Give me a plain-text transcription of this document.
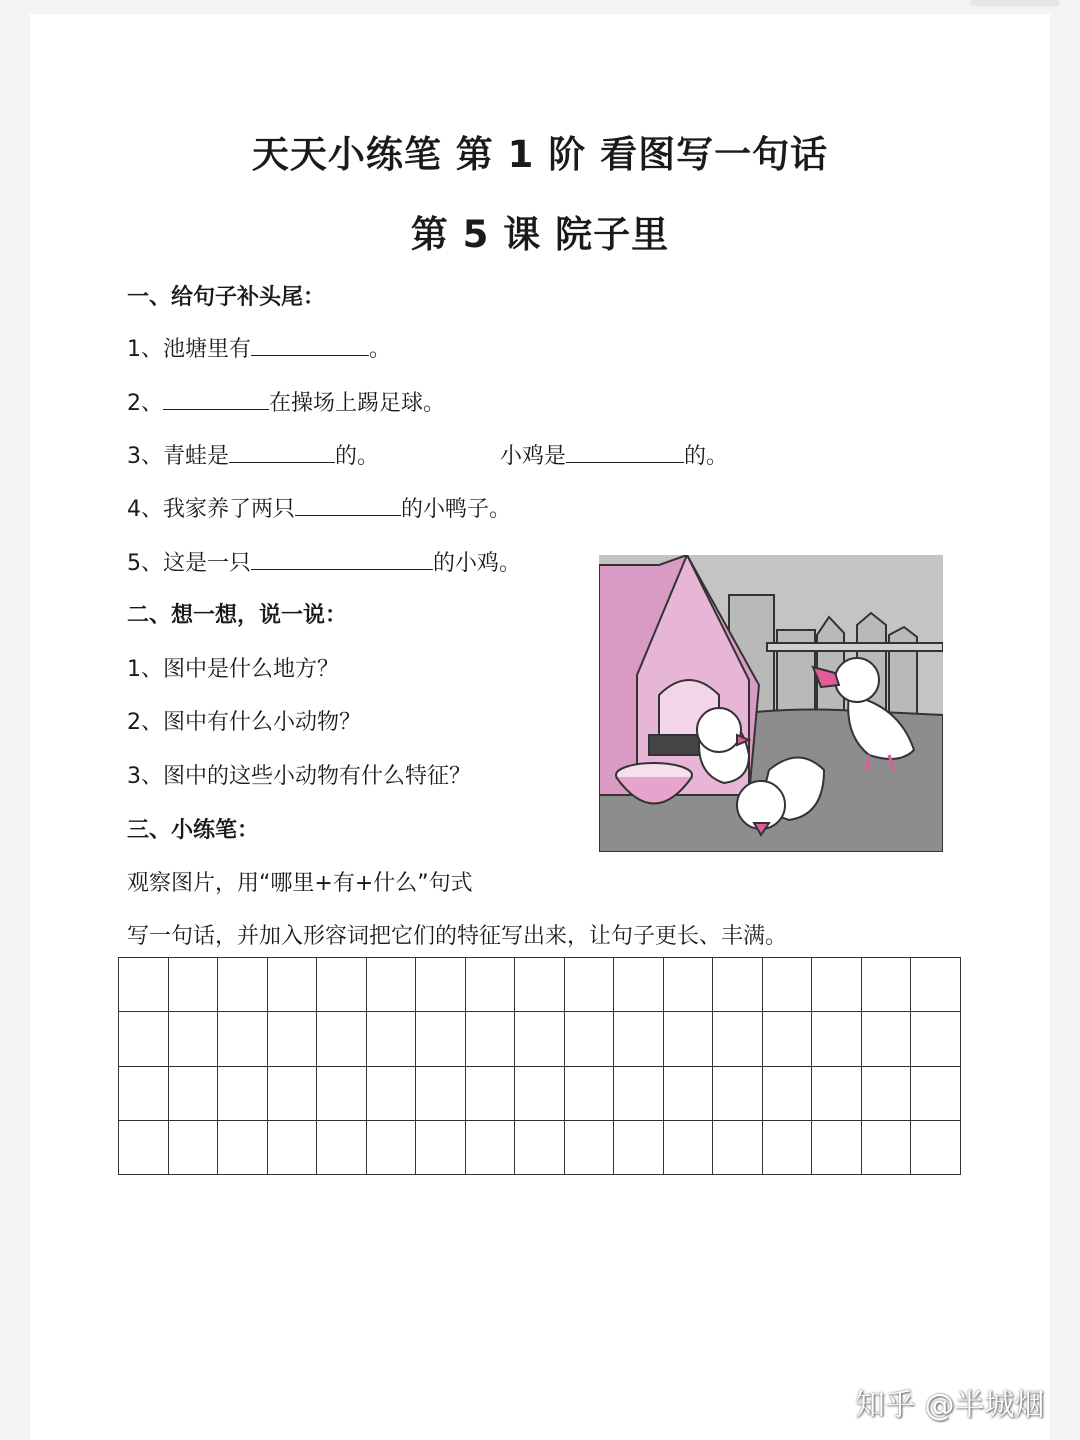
天天小练笔 第 1 阶 看图写一句话
第 5 课 院子里
一、给句子补头尾：
1、池塘里有	。
2、	在操场上踢足球。
3、青蛙是	的。	小鸡是	的。
4、我家养了两只	的小鸭子。
5、这是一只	的小鸡。
二、想一想，说一说：
1、图中是什么地方？
2、图中有什么小动物？
3、图中的这些小动物有什么特征？
三、小练笔：
观察图片，用“哪里+有+什么”句式
写一句话，并加入形容词把它们的特征写出来，让句子更长、丰满。
知乎 @半城烟
